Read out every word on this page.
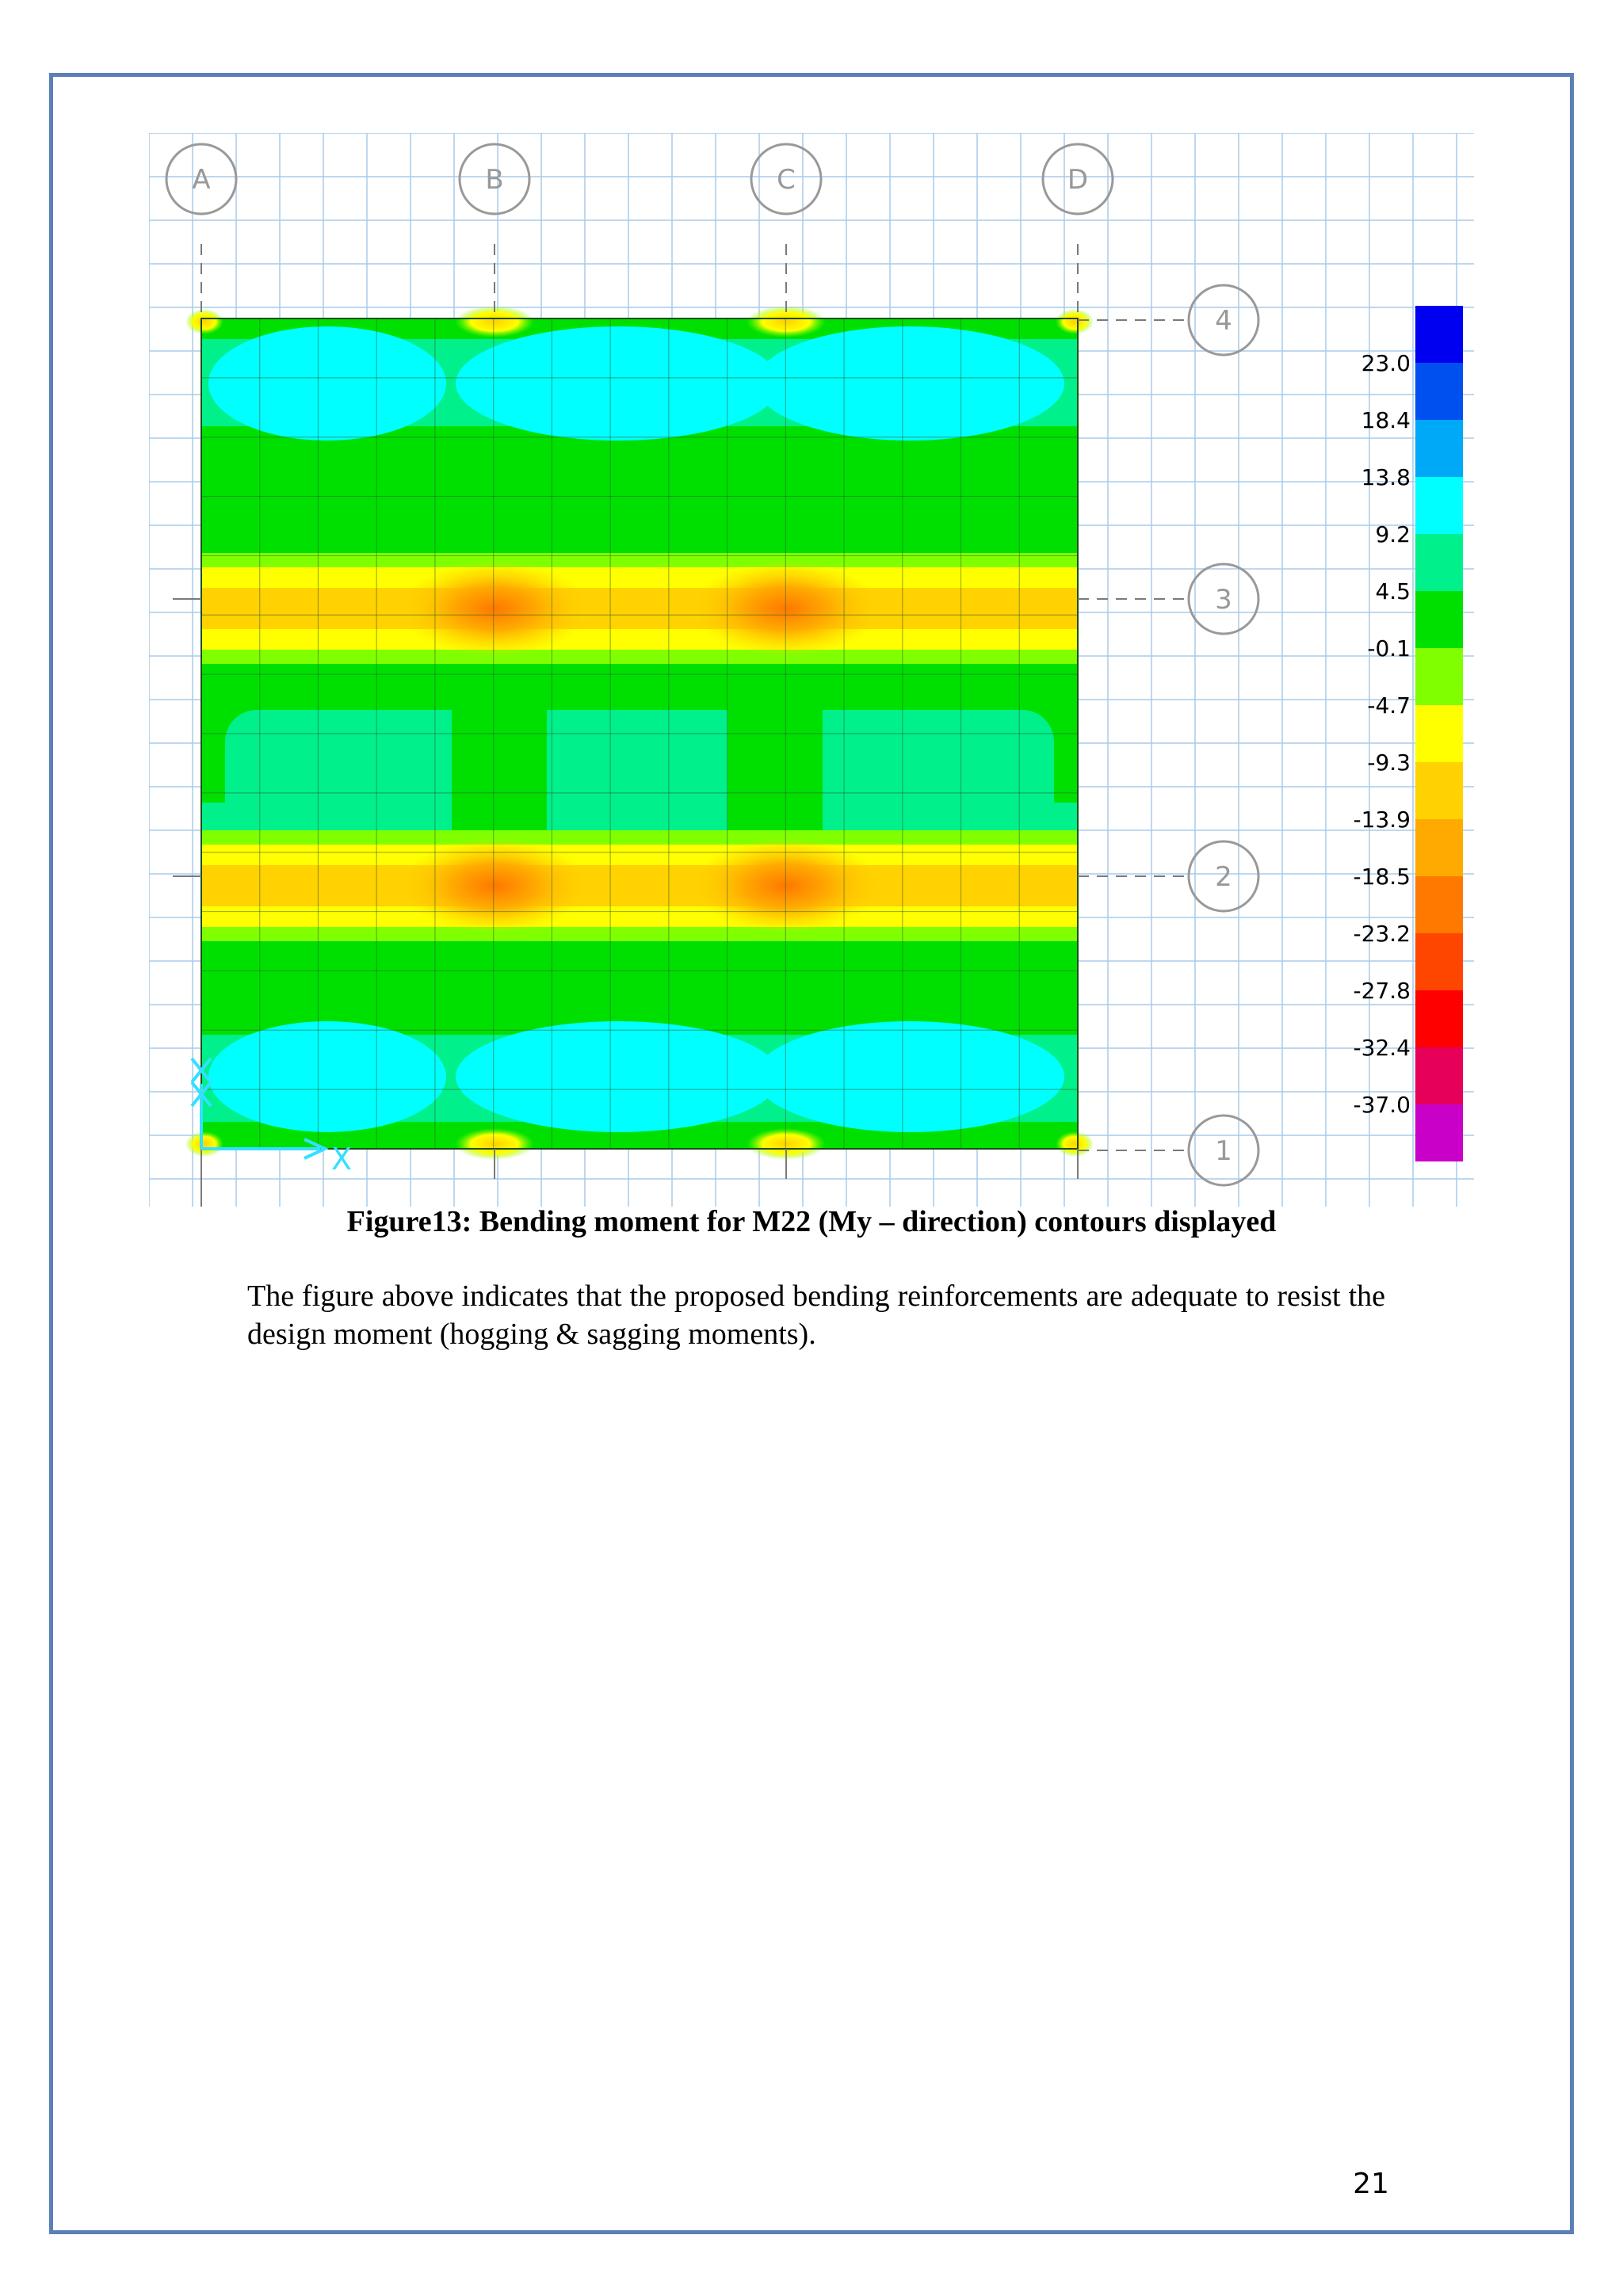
A	B	C	D
4
3
2
1
X
23.0
18.4
13.8
9.2
4.5
-0.1
-4.7
-9.3
-13.9
-18.5
-23.2
-27.8
-32.4
-37.0
Figure13: Bending moment for M22 (My – direction) contours displayed
The figure above indicates that the proposed bending reinforcements are adequate to resist the design moment (hogging & sagging moments).
21
